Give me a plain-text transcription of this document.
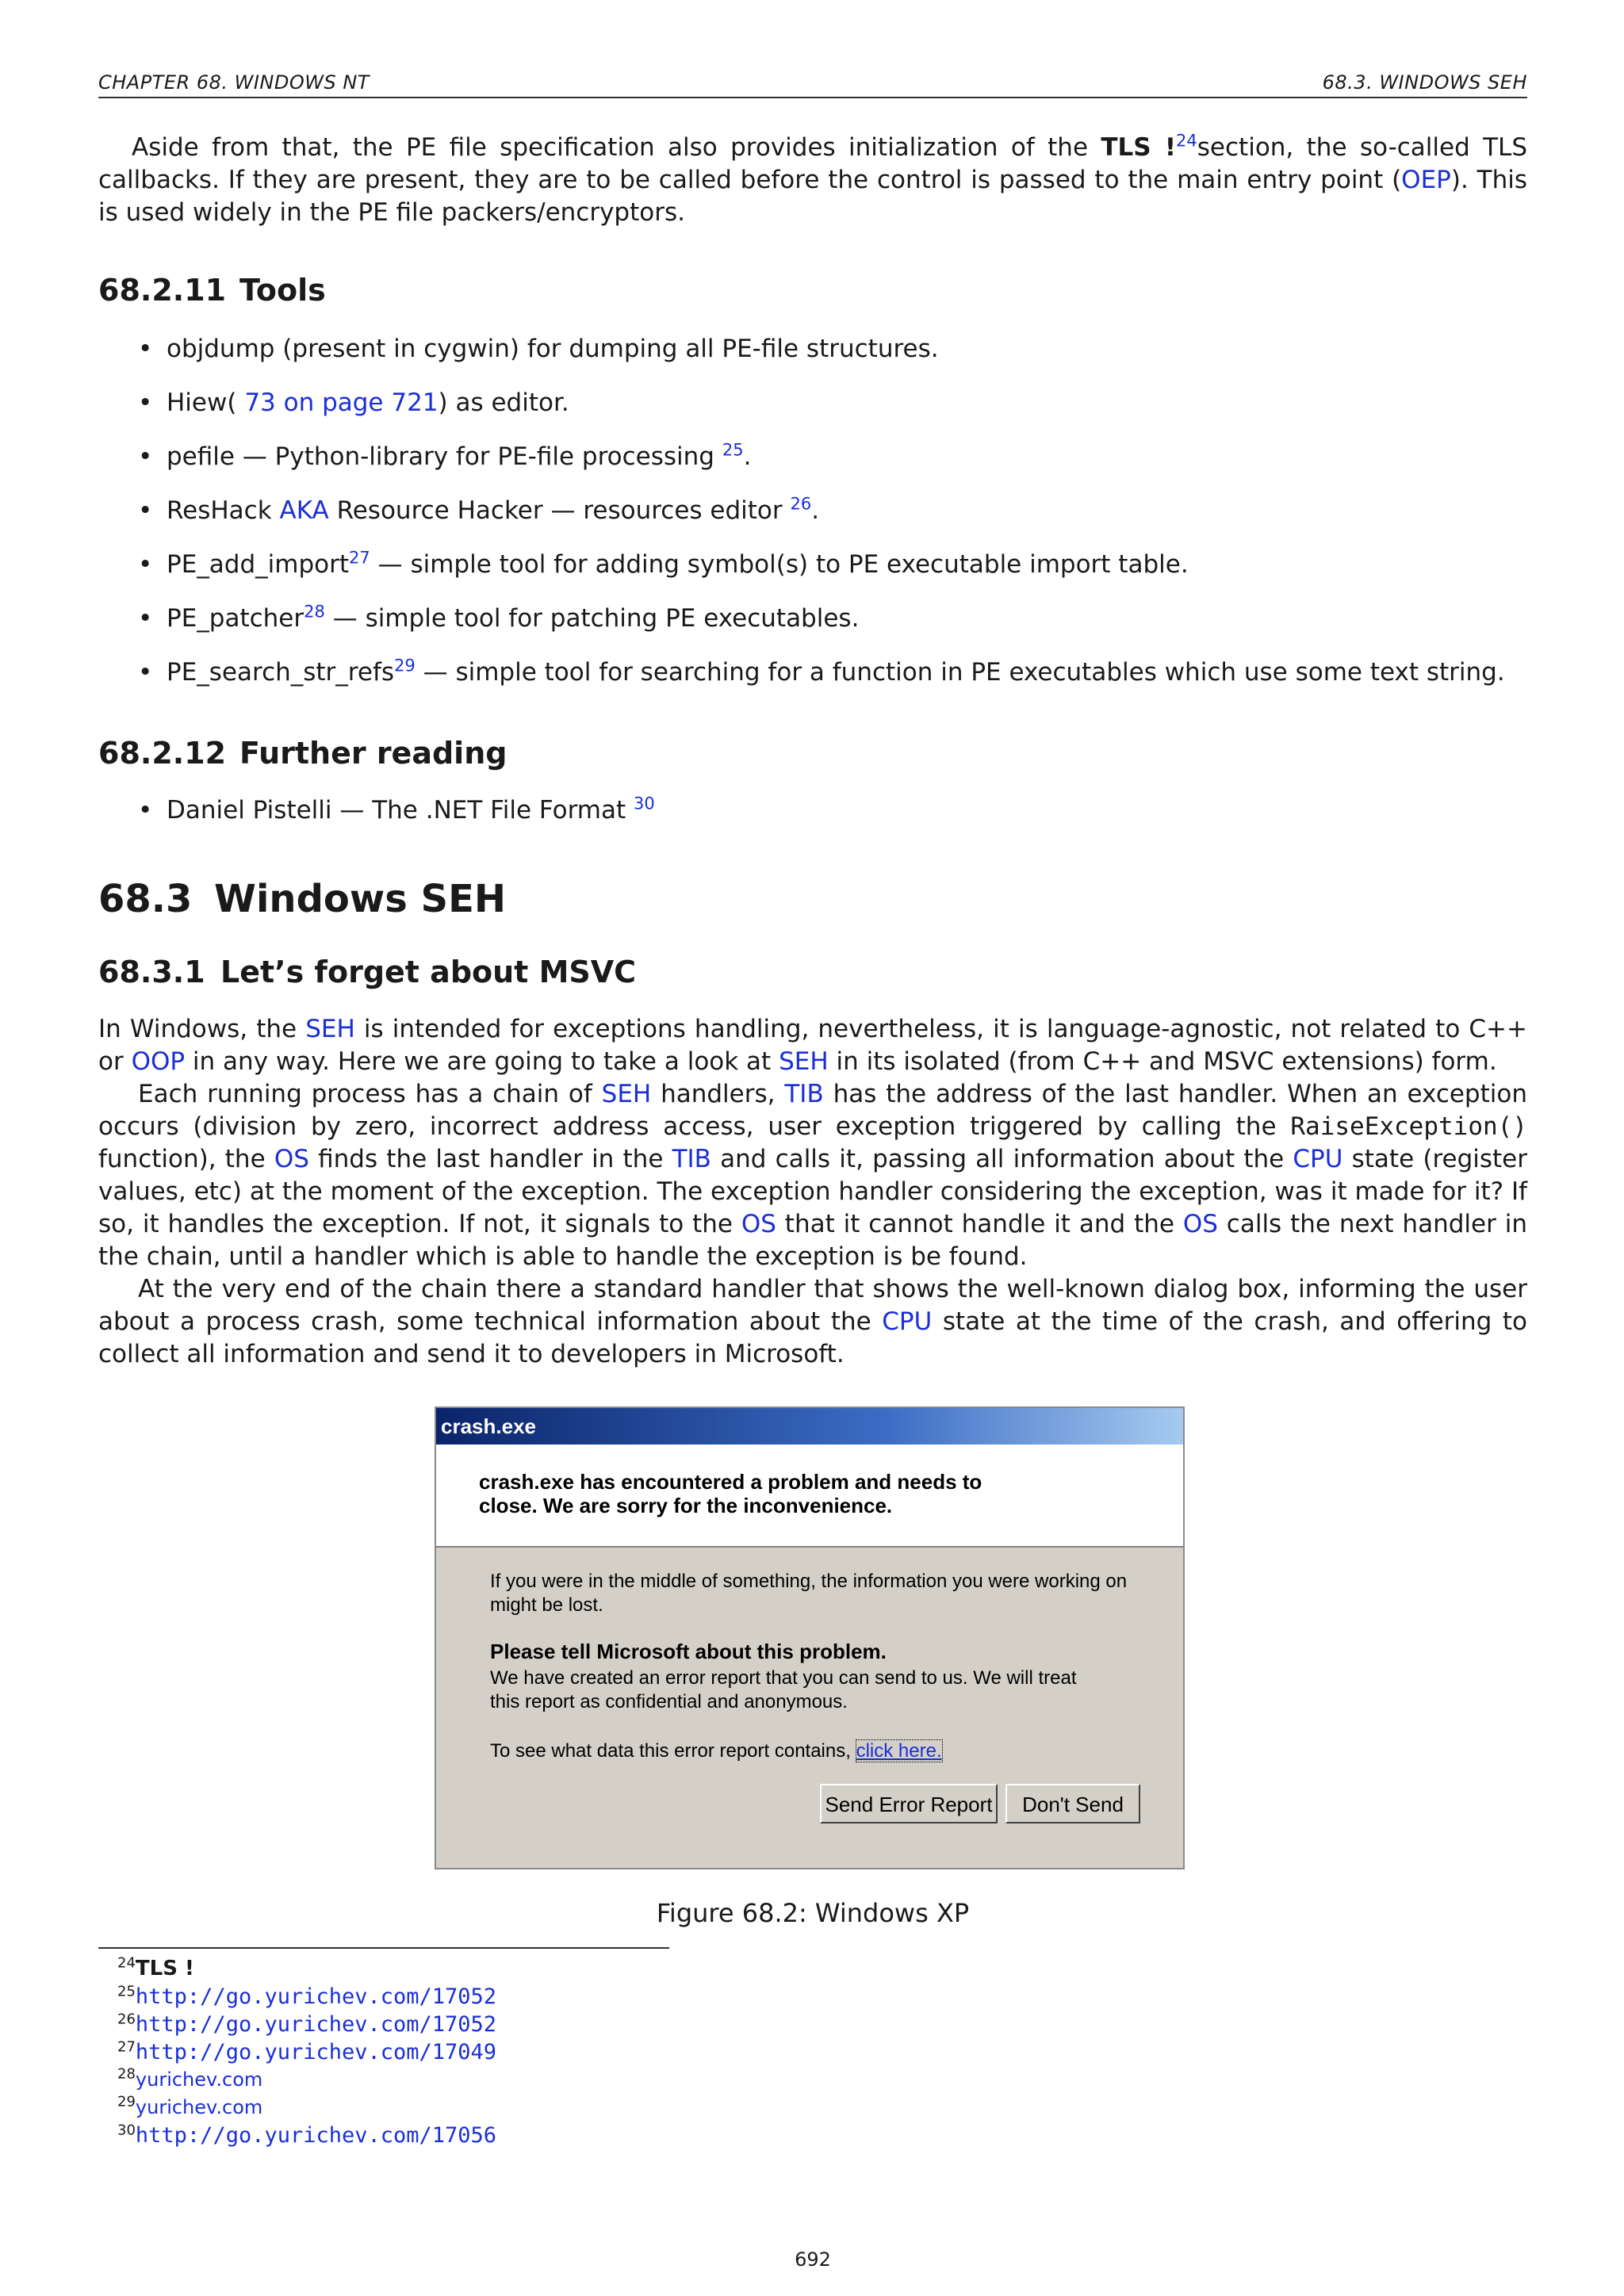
CHAPTER 68. WINDOWS NT	68.3. WINDOWS SEH
Aside from that, the PE file specification also provides initialization of the TLS !$^{24}$section, the so-called TLS callbacks. If they are present, they are to be called before the control is passed to the main entry point (OEP). This is used widely in the PE file packers/encryptors.
68.2.11 Tools
• objdump (present in cygwin) for dumping all PE-file structures.
• Hiew( 73 on page 721) as editor.
• pefile — Python-library for PE-file processing $^{25}$.
• ResHack AKA Resource Hacker — resources editor $^{26}$.
• PE_add_import$^{27}$ — simple tool for adding symbol(s) to PE executable import table.
• PE_patcher$^{28}$ — simple tool for patching PE executables.
• PE_search_str_refs$^{29}$ — simple tool for searching for a function in PE executables which use some text string.
68.2.12 Further reading
• Daniel Pistelli — The .NET File Format $^{30}$
68.3 Windows SEH
68.3.1 Let’s forget about MSVC

In Windows, the SEH is intended for exceptions handling, nevertheless, it is language-agnostic, not related to C++ or OOP in any way. Here we are going to take a look at SEH in its isolated (from C++ and MSVC extensions) form.

Each running process has a chain of SEH handlers, TIB has the address of the last handler. When an exception occurs (division by zero, incorrect address access, user exception triggered by calling the RaiseException() function), the OS finds the last handler in the TIB and calls it, passing all information about the CPU state (register values, etc) at the moment of the exception. The exception handler considering the exception, was it made for it? If so, it handles the exception. If not, it signals to the OS that it cannot handle it and the OS calls the next handler in the chain, until a handler which is able to handle the exception is be found.

At the very end of the chain there a standard handler that shows the well-known dialog box, informing the user about a process crash, some technical information about the CPU state at the time of the crash, and offering to collect all information and send it to developers in Microsoft.

crash.exe
crash.exe has encountered a problem and needs to
close. We are sorry for the inconvenience.
If you were in the middle of something, the information you were working on
might be lost.
Please tell Microsoft about this problem.
We have created an error report that you can send to us. We will treat
this report as confidential and anonymous.
To see what data this error report contains, click here.
Send Error Report	Don't Send
Figure 68.2: Windows XP
$^{24}$TLS !
$^{25}$http://go.yurichev.com/17052
$^{26}$http://go.yurichev.com/17052
$^{27}$http://go.yurichev.com/17049
$^{28}$yurichev.com
$^{29}$yurichev.com
$^{30}$http://go.yurichev.com/17056
692
